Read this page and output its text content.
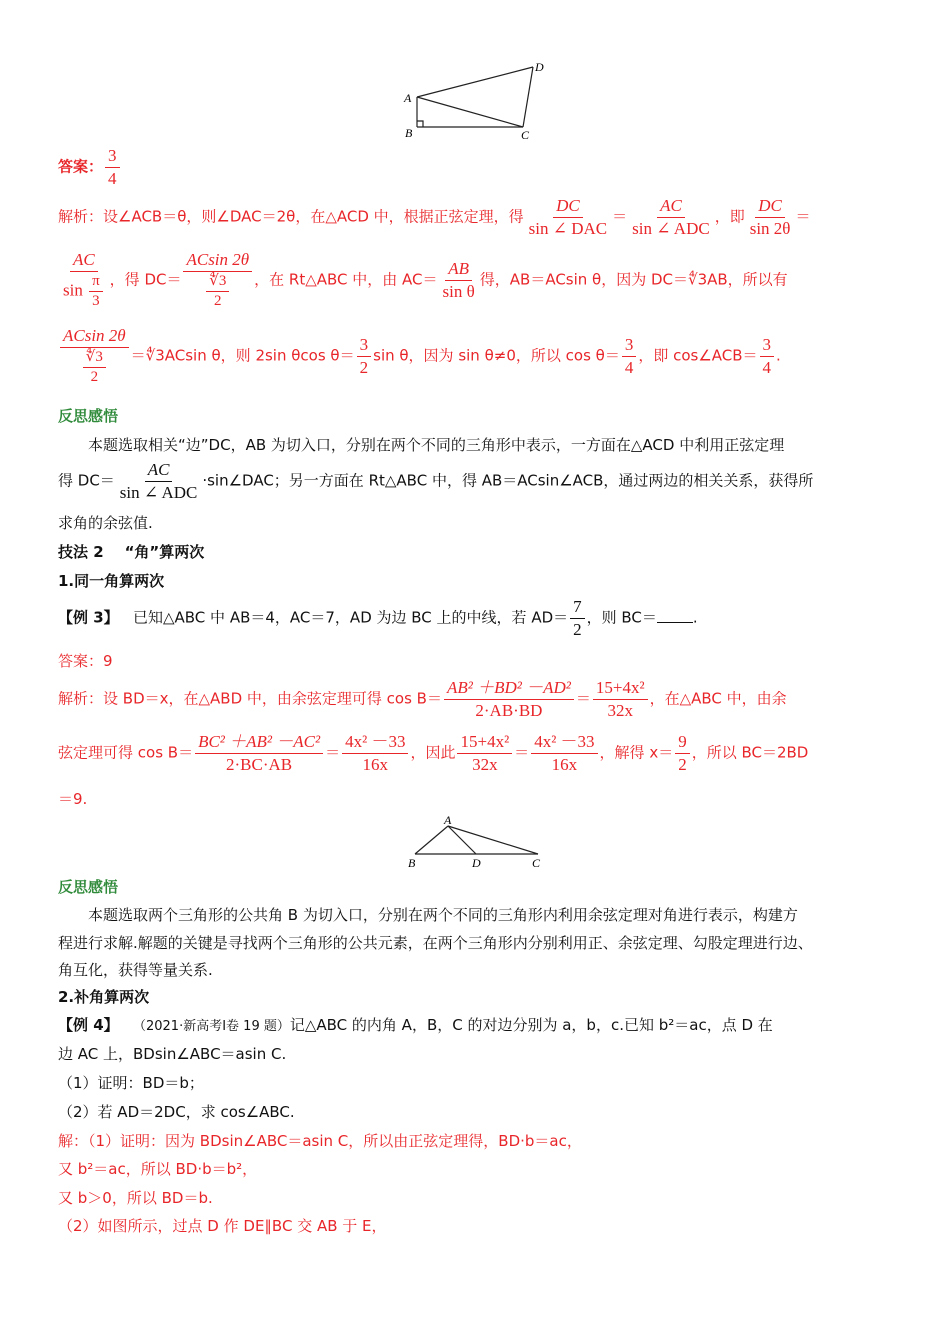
A
B	C
D
答案： $\frac{3}{4}$
解析：设∠ACB＝θ，则∠DAC＝2θ，在△ACD 中，根据正弦定理，得 $\frac{DC}{\text{sin ∠ DAC}} = \frac{AC}{\text{sin ∠ ADC}}$ ，即 $\frac{DC}{\sin 2\theta}$ ＝
$\frac{AC}{\sin \frac{\pi}{3}}$ ，得 $DC= \frac{ACsin 2\theta}{\frac{∜3}{2}}$ ，在 Rt△ABC 中，由 $AC= \frac{AB}{\text{sin θ}}$ 得，AB＝ACsin θ，因为 DC＝∜3AB，所以有
$\frac{ACsin 2\theta}{\frac{∜3}{2}}$ ＝∜3ACsin θ，则 2sin θcos $\theta= \frac{3}{2}$ sin θ，因为 sin θ≠0，所以 $\cos \theta= \frac{3}{4}$ ，即 cos∠ACB＝ $\frac{3}{4}$ .
反思感悟
本题选取相关“边”DC，AB 为切入口，分别在两个不同的三角形中表示，一方面在△ACD 中利用正弦定理
得 $DC= \frac{AC}{\text{sin ∠ ADC}}$ ·sin∠DAC；另一方面在 Rt△ABC 中，得 AB＝ACsin∠ACB，通过两边的相关关系，获得所
求角的余弦值.
技法 2 “角”算两次
1.同一角算两次
【例 3】 已知△ABC 中 AB＝4，AC＝7，AD 为边 BC 上的中线，若 $AD= \frac{7}{2}$ ，则 BC＝ .
答案：9
解析：设 BD＝x，在△ABD 中，由余弦定理可得 $\cos B= \frac{\text{AB² ＋BD² －AD²}}{2\cdot AB\cdot BD} = \frac{\text{15+4x²}}{32x}$ ，在△ABC 中，由余
弦定理可得 $\cos B= \frac{\text{BC² ＋AB² －AC²}}{2\cdot BC\cdot AB} = \frac{\text{4x² －33}}{16x}$ ，因此 $\frac{\text{15+4x²}}{32x} = \frac{\text{4x² －33}}{16x}$ ，解得 $x= \frac{9}{2}$ ，所以 BC＝2BD
＝9.
A
B	D	C
反思感悟
本题选取两个三角形的公共角 B 为切入口，分别在两个不同的三角形内利用余弦定理对角进行表示，构建方
程进行求解.解题的关键是寻找两个三角形的公共元素，在两个三角形内分别利用正、余弦定理、勾股定理进行边、
角互化，获得等量关系.
2.补角算两次
【例 4】 （2021·新高考Ⅰ卷 19 题）记△ABC 的内角 A，B，C 的对边分别为 a，b，c.已知 b²＝ac，点 D 在
边 AC 上，BDsin∠ABC＝asin C.
（1）证明：BD＝b；
（2）若 AD＝2DC，求 cos∠ABC.
解：（1）证明：因为 BDsin∠ABC＝asin C，所以由正弦定理得，BD·b＝ac，
又 b²＝ac，所以 BD·b＝b²，
又 b＞0，所以 BD＝b.
（2）如图所示，过点 D 作 DE∥BC 交 AB 于 E，
